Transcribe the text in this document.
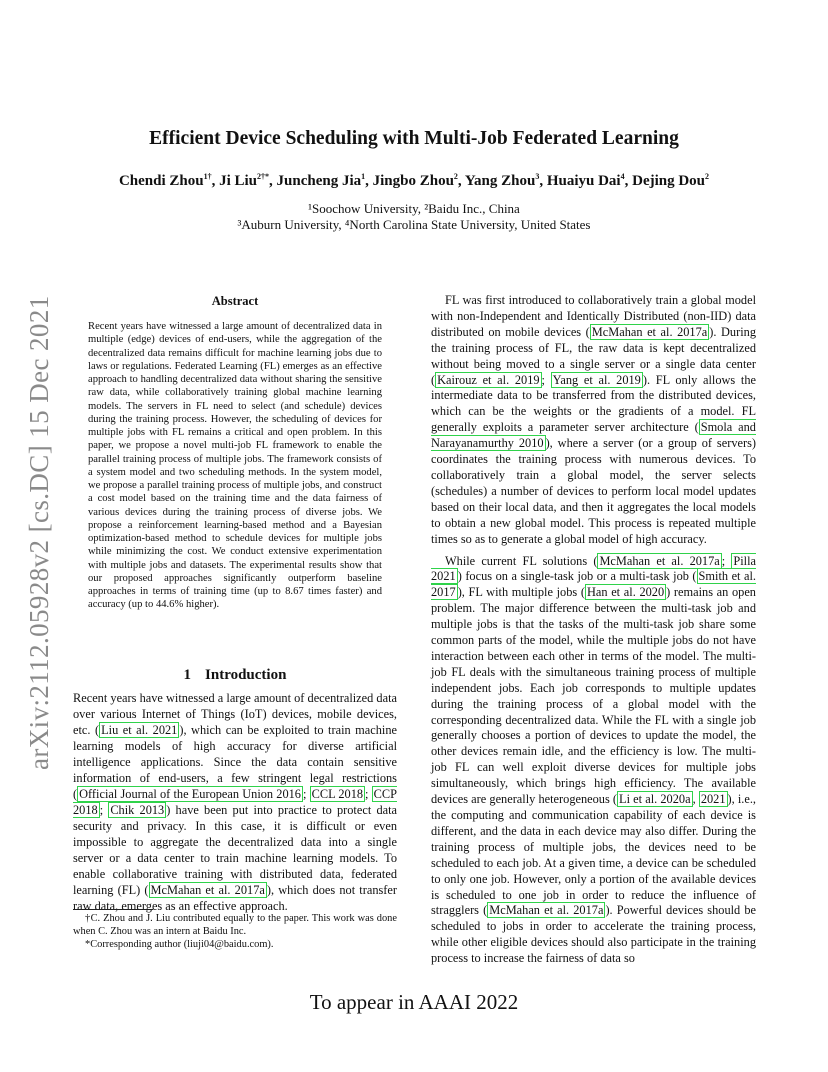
arXiv:2112.05928v2 [cs.DC] 15 Dec 2021
Efficient Device Scheduling with Multi-Job Federated Learning
Chendi Zhou$^{1\dagger}$, Ji Liu$^{2\dagger*}$, Juncheng Jia$^1$, Jingbo Zhou$^2$, Yang Zhou$^3$, Huaiyu Dai$^4$, Dejing Dou$^2$
¹Soochow University, ²Baidu Inc., China
³Auburn University, ⁴North Carolina State University, United States
Abstract
Recent years have witnessed a large amount of decentralized data in multiple (edge) devices of end-users, while the aggregation of the decentralized data remains difficult for machine learning jobs due to laws or regulations. Federated Learning (FL) emerges as an effective approach to handling decentralized data without sharing the sensitive raw data, while collaboratively training global machine learning models. The servers in FL need to select (and schedule) devices during the training process. However, the scheduling of devices for multiple jobs with FL remains a critical and open problem. In this paper, we propose a novel multi-job FL framework to enable the parallel training process of multiple jobs. The framework consists of a system model and two scheduling methods. In the system model, we propose a parallel training process of multiple jobs, and construct a cost model based on the training time and the data fairness of various devices during the training process of diverse jobs. We propose a reinforcement learning-based method and a Bayesian optimization-based method to schedule devices for multiple jobs while minimizing the cost. We conduct extensive experimentation with multiple jobs and datasets. The experimental results show that our proposed approaches significantly outperform baseline approaches in terms of training time (up to 8.67 times faster) and accuracy (up to 44.6% higher).
1 Introduction
Recent years have witnessed a large amount of decentralized data over various Internet of Things (IoT) devices, mobile devices, etc. ( Liu et al. 2021 ), which can be exploited to train machine learning models of high accuracy for diverse artificial intelligence applications. Since the data contain sensitive information of end-users, a few stringent legal restrictions ( Official Journal of the European Union 2016 ; CCL 2018 ; CCP 2018 ; Chik 2013 ) have been put into practice to protect data security and privacy. In this case, it is difficult or even impossible to aggregate the decentralized data into a single server or a data center to train machine learning models. To enable collaborative training with distributed data, federated learning (FL) ( McMahan et al. 2017a ), which does not transfer raw data, emerges as an effective approach.

†C. Zhou and J. Liu contributed equally to the paper. This work was done when C. Zhou was an intern at Baidu Inc.

*Corresponding author (liuji04@baidu.com).

FL was first introduced to collaboratively train a global model with non-Independent and Identically Distributed (non-IID) data distributed on mobile devices ( McMahan et al. 2017a ). During the training process of FL, the raw data is kept decentralized without being moved to a single server or a single data center ( Kairouz et al. 2019 ; Yang et al. 2019 ). FL only allows the intermediate data to be transferred from the distributed devices, which can be the weights or the gradients of a model. FL generally exploits a parameter server architecture ( Smola and Narayanamurthy 2010 ), where a server (or a group of servers) coordinates the training process with numerous devices. To collaboratively train a global model, the server selects (schedules) a number of devices to perform local model updates based on their local data, and then it aggregates the local models to obtain a new global model. This process is repeated multiple times so as to generate a global model of high accuracy.

While current FL solutions ( McMahan et al. 2017a ; Pilla 2021 ) focus on a single-task job or a multi-task job ( Smith et al. 2017 ), FL with multiple jobs ( Han et al. 2020 ) remains an open problem. The major difference between the multi-task job and multiple jobs is that the tasks of the multi-task job share some common parts of the model, while the multiple jobs do not have interaction between each other in terms of the model. The multi-job FL deals with the simultaneous training process of multiple independent jobs. Each job corresponds to multiple updates during the training process of a global model with the corresponding decentralized data. While the FL with a single job generally chooses a portion of devices to update the model, the other devices remain idle, and the efficiency is low. The multi-job FL can well exploit diverse devices for multiple jobs simultaneously, which brings high efficiency. The available devices are generally heterogeneous ( Li et al. 2020a , 2021 ), i.e., the computing and communication capability of each device is different, and the data in each device may also differ. During the training process of multiple jobs, the devices need to be scheduled to each job. At a given time, a device can be scheduled to only one job. However, only a portion of the available devices is scheduled to one job in order to reduce the influence of stragglers ( McMahan et al. 2017a ). Powerful devices should be scheduled to jobs in order to accelerate the training process, while other eligible devices should also participate in the training process to increase the fairness of data so

To appear in AAAI 2022
